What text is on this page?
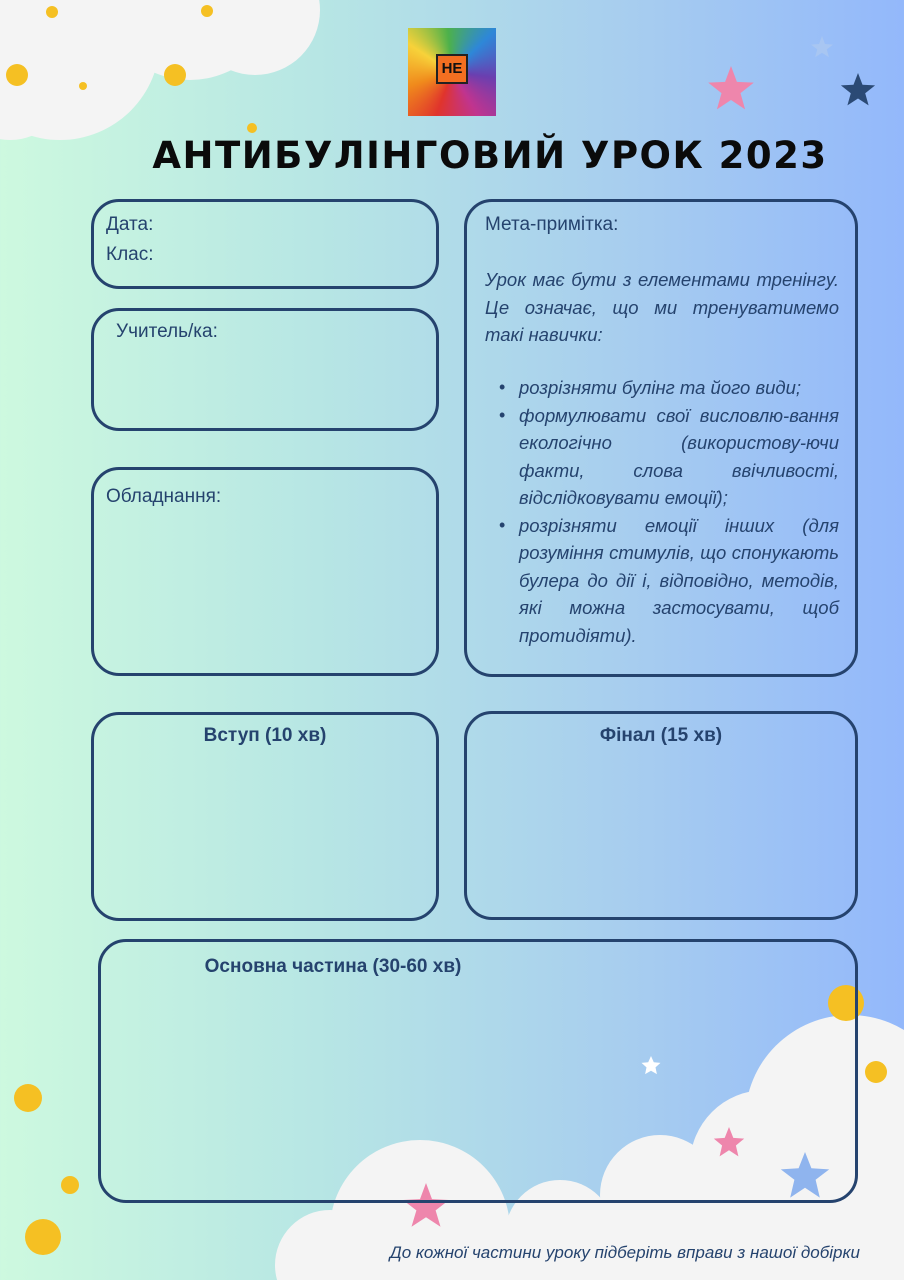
НЕ
АНТИБУЛІНГОВИЙ УРОК 2023

Дата:

Клас:

Учитель/ка:

Обладнання:

Мета-примітка:

Урок має бути з елементами тренінгу. Це означає, що ми тренуватимемо такі навички:

• розрізняти булінг та його види;
• формулювати свої висловлю-вання екологічно (використову-ючи факти, слова ввічливості, відслідковувати емоції);
• розрізняти емоції інших (для розуміння стимулів, що спонукають булера до дії і, відповідно, методів, які можна застосувати, щоб протидіяти).

Вступ (10 хв)	Фінал (15 хв)

Основна частина (30-60 хв)

До кожної частини уроку підберіть вправи з нашої добірки
